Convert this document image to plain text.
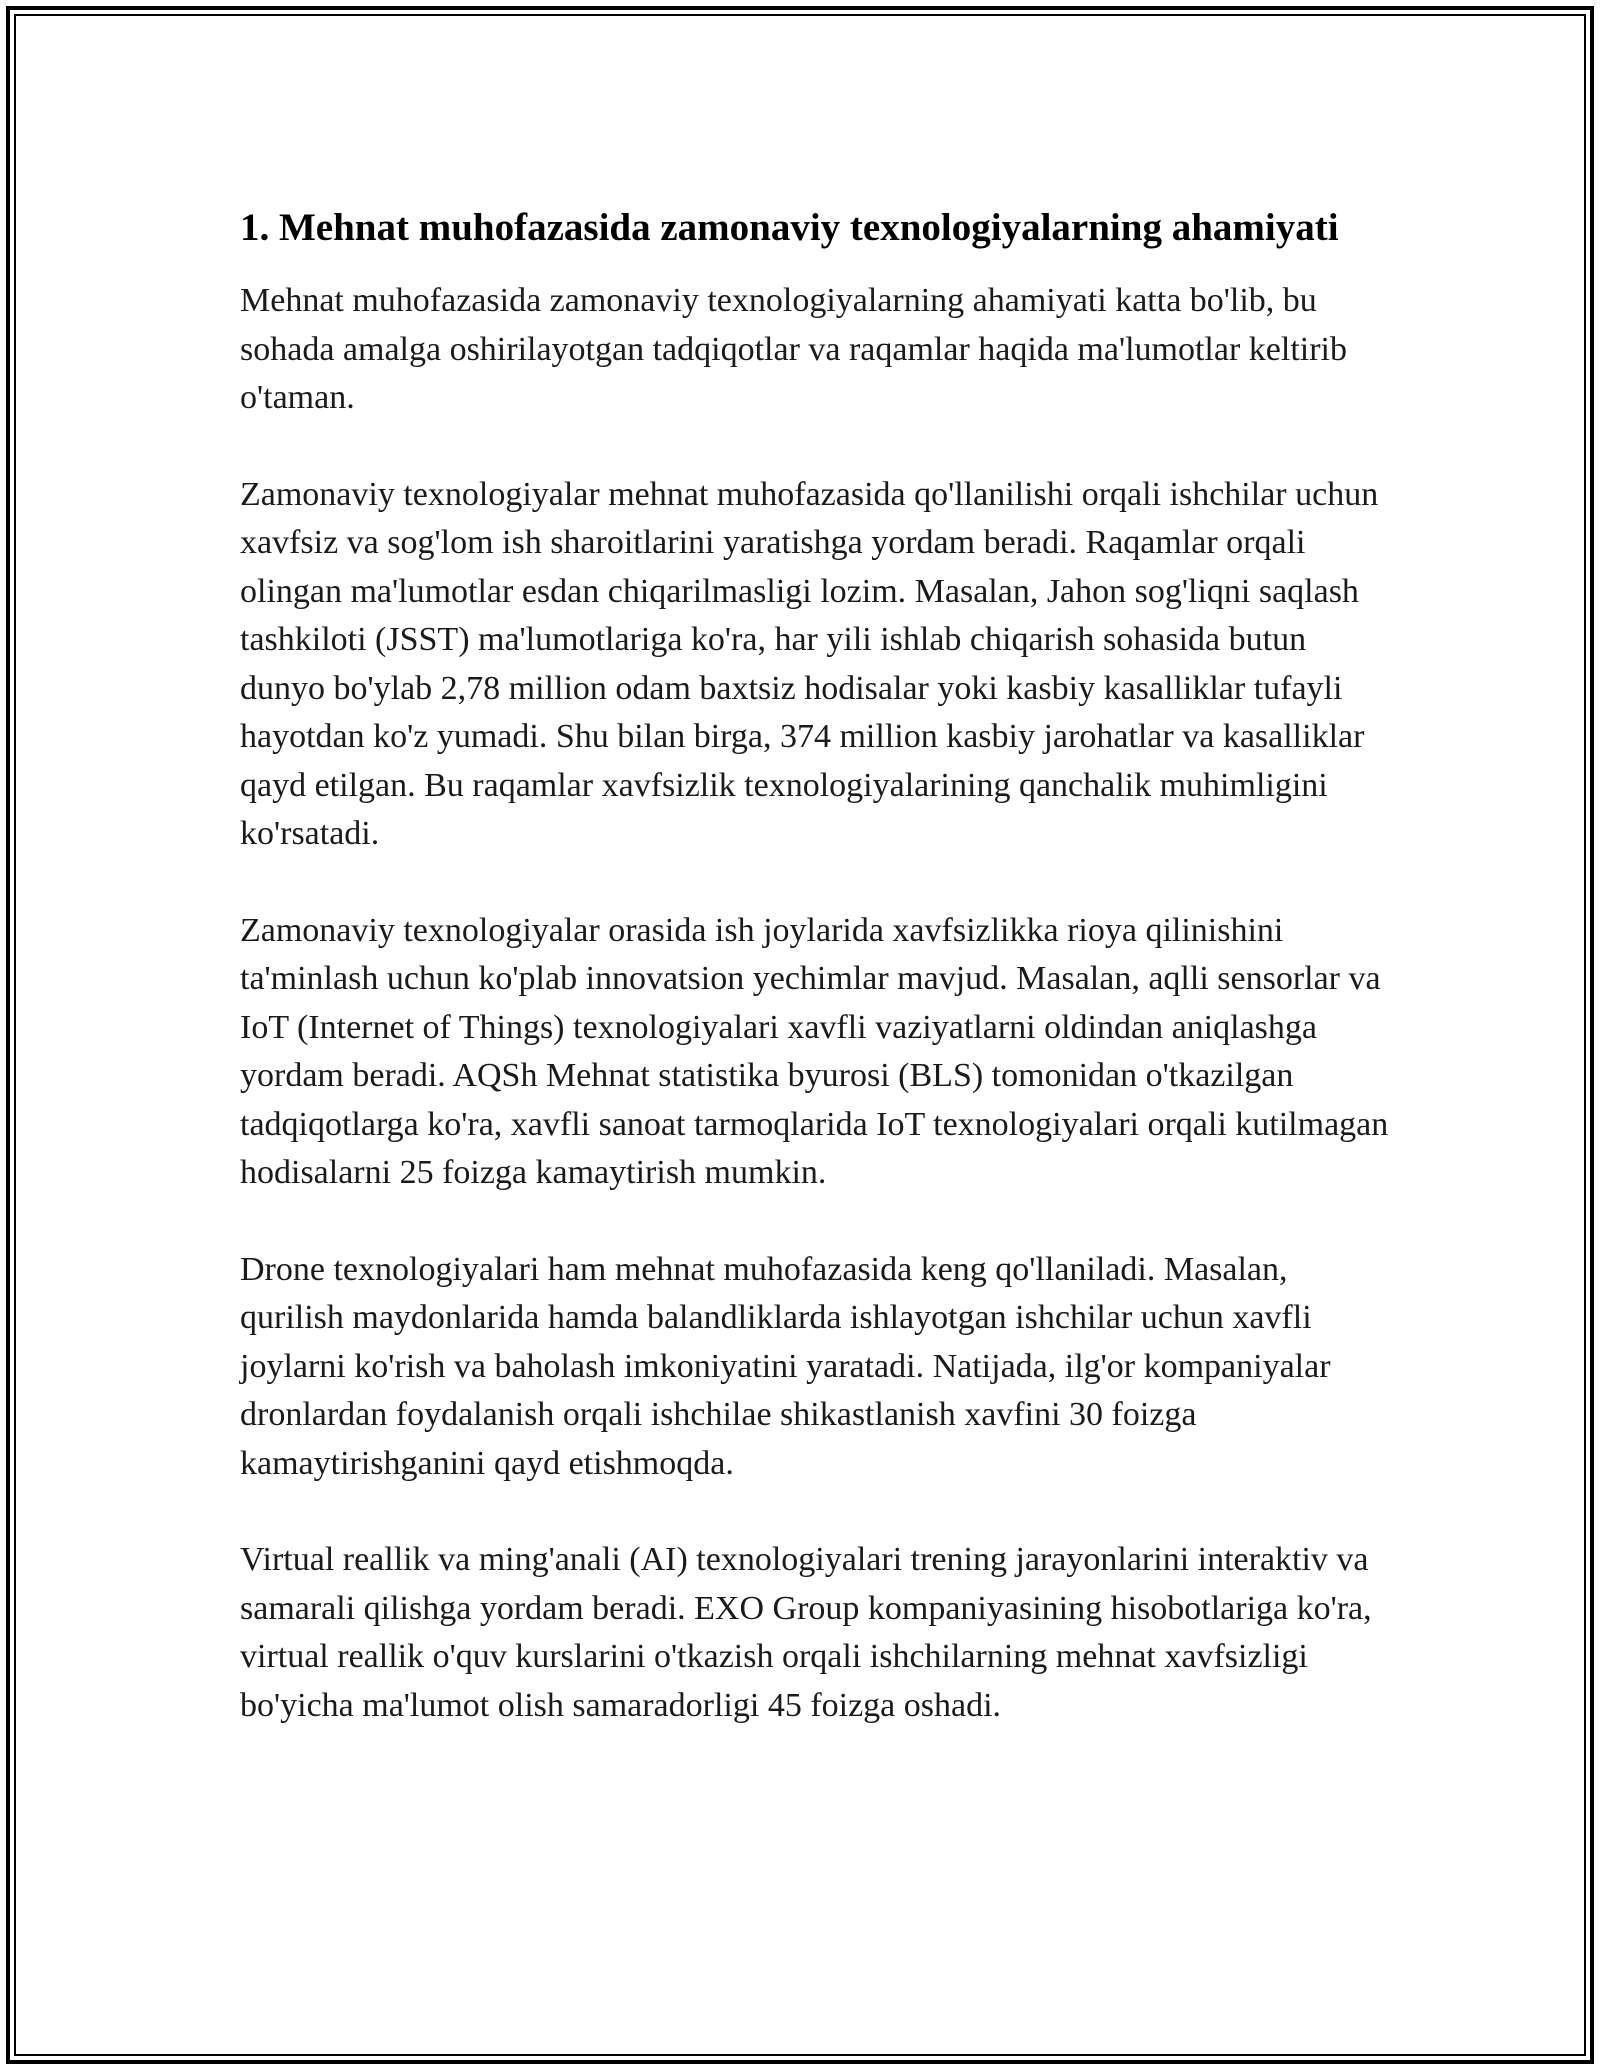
1. Mehnat muhofazasida zamonaviy texnologiyalarning ahamiyati

Mehnat muhofazasida zamonaviy texnologiyalarning ahamiyati katta bo'lib, bu sohada amalga oshirilayotgan tadqiqotlar va raqamlar haqida ma'lumotlar keltirib o'taman.

Zamonaviy texnologiyalar mehnat muhofazasida qo'llanilishi orqali ishchilar uchun xavfsiz va sog'lom ish sharoitlarini yaratishga yordam beradi. Raqamlar orqali olingan ma'lumotlar esdan chiqarilmasligi lozim. Masalan, Jahon sog'liqni saqlash tashkiloti (JSST) ma'lumotlariga ko'ra, har yili ishlab chiqarish sohasida butun dunyo bo'ylab 2,78 million odam baxtsiz hodisalar yoki kasbiy kasalliklar tufayli hayotdan ko'z yumadi. Shu bilan birga, 374 million kasbiy jarohatlar va kasalliklar qayd etilgan. Bu raqamlar xavfsizlik texnologiyalarining qanchalik muhimligini ko'rsatadi.

Zamonaviy texnologiyalar orasida ish joylarida xavfsizlikka rioya qilinishini ta'minlash uchun ko'plab innovatsion yechimlar mavjud. Masalan, aqlli sensorlar va IoT (Internet of Things) texnologiyalari xavfli vaziyatlarni oldindan aniqlashga yordam beradi. AQSh Mehnat statistika byurosi (BLS) tomonidan o'tkazilgan tadqiqotlarga ko'ra, xavfli sanoat tarmoqlarida IoT texnologiyalari orqali kutilmagan hodisalarni 25 foizga kamaytirish mumkin.

Drone texnologiyalari ham mehnat muhofazasida keng qo'llaniladi. Masalan, qurilish maydonlarida hamda balandliklarda ishlayotgan ishchilar uchun xavfli joylarni ko'rish va baholash imkoniyatini yaratadi. Natijada, ilg'or kompaniyalar dronlardan foydalanish orqali ishchilae shikastlanish xavfini 30 foizga kamaytirishganini qayd etishmoqda.

Virtual reallik va ming'anali (AI) texnologiyalari trening jarayonlarini interaktiv va samarali qilishga yordam beradi. EXO Group kompaniyasining hisobotlariga ko'ra, virtual reallik o'quv kurslarini o'tkazish orqali ishchilarning mehnat xavfsizligi bo'yicha ma'lumot olish samaradorligi 45 foizga oshadi.
